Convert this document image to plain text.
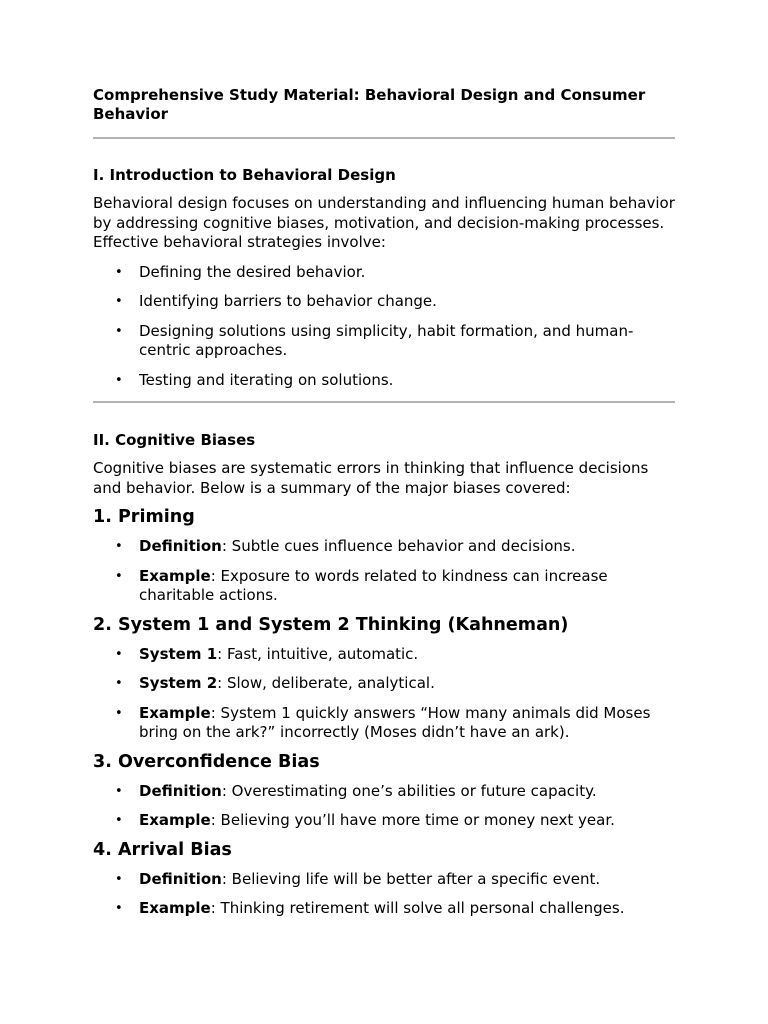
Comprehensive Study Material: Behavioral Design and Consumer Behavior

I. Introduction to Behavioral Design

Behavioral design focuses on understanding and influencing human behavior by addressing cognitive biases, motivation, and decision-making processes. Effective behavioral strategies involve:

• Defining the desired behavior.
• Identifying barriers to behavior change.
• Designing solutions using simplicity, habit formation, and human-centric approaches.
• Testing and iterating on solutions.
II. Cognitive Biases

Cognitive biases are systematic errors in thinking that influence decisions and behavior. Below is a summary of the major biases covered:

1. Priming
• Definition: Subtle cues influence behavior and decisions.
• Example: Exposure to words related to kindness can increase charitable actions.
2. System 1 and System 2 Thinking (Kahneman)
• System 1: Fast, intuitive, automatic.
• System 2: Slow, deliberate, analytical.
• Example: System 1 quickly answers “How many animals did Moses bring on the ark?” incorrectly (Moses didn’t have an ark).
3. Overconfidence Bias
• Definition: Overestimating one’s abilities or future capacity.
• Example: Believing you’ll have more time or money next year.
4. Arrival Bias
• Definition: Believing life will be better after a specific event.
• Example: Thinking retirement will solve all personal challenges.
